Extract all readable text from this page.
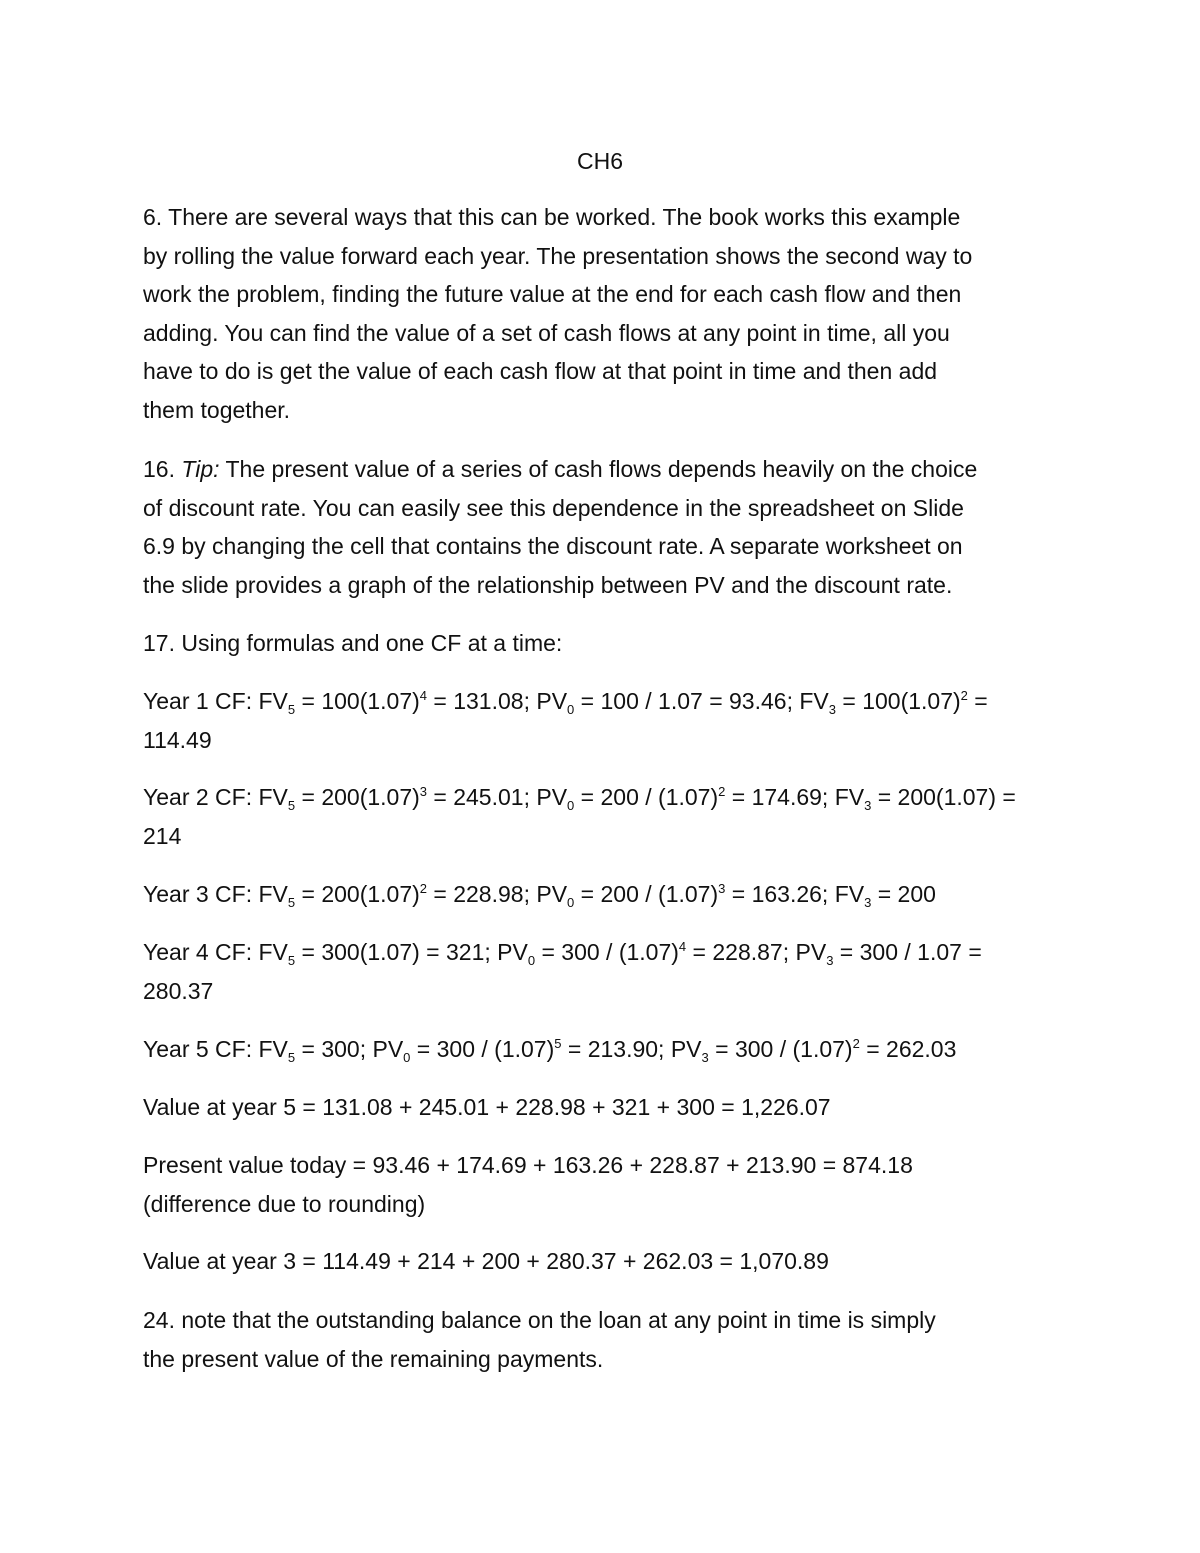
CH6
6. There are several ways that this can be worked. The book works this example
by rolling the value forward each year. The presentation shows the second way to
work the problem, finding the future value at the end for each cash flow and then
adding. You can find the value of a set of cash flows at any point in time, all you
have to do is get the value of each cash flow at that point in time and then add
them together.
16. Tip: The present value of a series of cash flows depends heavily on the choice
of discount rate. You can easily see this dependence in the spreadsheet on Slide
6.9 by changing the cell that contains the discount rate. A separate worksheet on
the slide provides a graph of the relationship between PV and the discount rate.
17. Using formulas and one CF at a time:
Year 1 CF: $FV_5 = 100(1.07)^4 = 131.08$; $PV_0 = 100 / 1.07 = 93.46$; $FV_3 = 100(1.07)^2$ =
114.49
Year 2 CF: $FV_5 = 200(1.07)^3 = 245.01$; $PV_0 = 200 / (1.07)^2 = 174.69$; $FV_3 = 200(1.07)$ =
214
Year 3 CF: $FV_5 = 200(1.07)^2 = 228.98$; $PV_0 = 200 / (1.07)^3 = 163.26$; $FV_3 = 200$
Year 4 CF: $FV_5 = 300(1.07) = 321$; $PV_0 = 300 / (1.07)^4 = 228.87$; $PV_3 = 300 / 1.07$ =
280.37
Year 5 CF: $FV_5 = 300$; $PV_0 = 300 / (1.07)^5 = 213.90$; $PV_3 = 300 / (1.07)^2 = 262.03$
Value at year 5 = 131.08 + 245.01 + 228.98 + 321 + 300 = 1,226.07
Present value today = 93.46 + 174.69 + 163.26 + 228.87 + 213.90 = 874.18
(difference due to rounding)
Value at year 3 = 114.49 + 214 + 200 + 280.37 + 262.03 = 1,070.89
24. note that the outstanding balance on the loan at any point in time is simply
the present value of the remaining payments.
